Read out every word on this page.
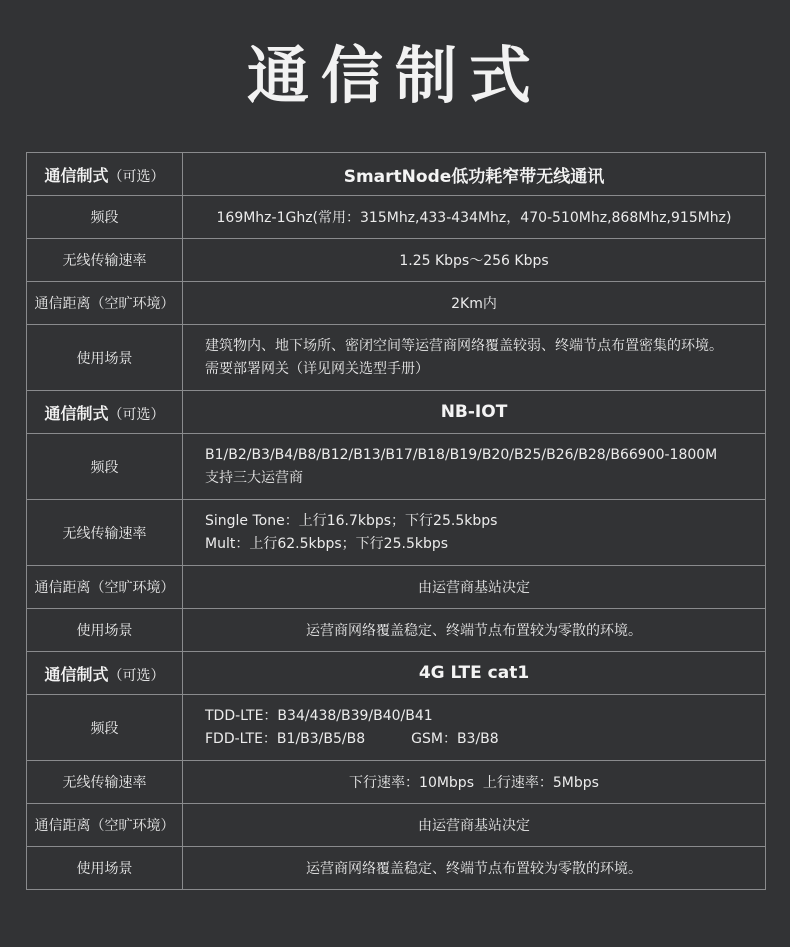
通信制式
通信制式（可选）	SmartNode低功耗窄带无线通讯
频段	169Mhz-1Ghz(常用：315Mhz,433-434Mhz，470-510Mhz,868Mhz,915Mhz)
无线传输速率	1.25 Kbps～256 Kbps
通信距离（空旷环境）	2Km内
使用场景	建筑物内、地下场所、密闭空间等运营商网络覆盖较弱、终端节点布置密集的环境。
需要部署网关（详见网关选型手册）

通信制式（可选）	NB-IOT
频段	B1/B2/B3/B4/B8/B12/B13/B17/B18/B19/B20/B25/B26/B28/B66900-1800M
支持三大运营商

无线传输速率	Single Tone：上行16.7kbps；下行25.5kbps
Mult：上行62.5kbps；下行25.5kbps

通信距离（空旷环境）	由运营商基站决定
使用场景	运营商网络覆盖稳定、终端节点布置较为零散的环境。
通信制式（可选）	4G LTE cat1
频段	TDD-LTE：B34/438/B39/B40/B41
FDD-LTE：B1/B3/B5/B8 GSM：B3/B8

无线传输速率	下行速率：10Mbps  上行速率：5Mbps
通信距离（空旷环境）	由运营商基站决定
使用场景	运营商网络覆盖稳定、终端节点布置较为零散的环境。
